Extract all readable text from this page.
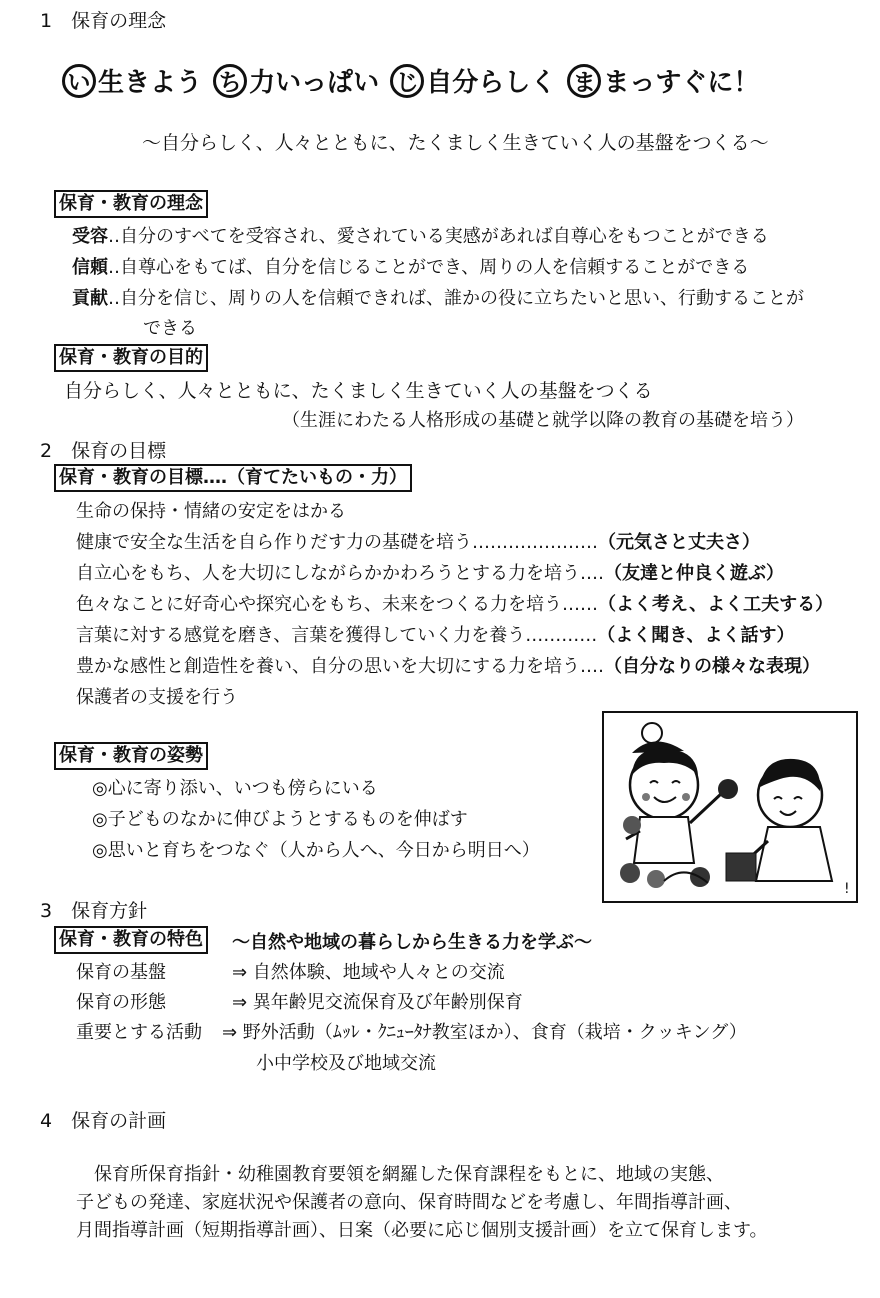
1　保育の理念
い 生きよう ち 力いっぱい じ 自分らしく ま まっすぐに！
～自分らしく、人々とともに、たくましく生きていく人の基盤をつくる～
保育・教育の理念
受容‥自分のすべてを受容され、愛されている実感があれば自尊心をもつことができる
信頼‥自尊心をもてば、自分を信じることができ、周りの人を信頼することができる
貢献‥自分を信じ、周りの人を信頼できれば、誰かの役に立ちたいと思い、行動することが
できる
保育・教育の目的
自分らしく、人々とともに、たくましく生きていく人の基盤をつくる
（生涯にわたる人格形成の基礎と就学以降の教育の基礎を培う）
2　保育の目標
保育・教育の目標‥‥（育てたいもの・力）
生命の保持・情緒の安定をはかる
健康で安全な生活を自ら作りだす力の基礎を培う…………………（元気さと丈夫さ）
自立心をもち、人を大切にしながらかかわろうとする力を培う‥‥（友達と仲良く遊ぶ）
色々なことに好奇心や探究心をもち、未来をつくる力を培う‥‥‥（よく考え、よく工夫する）
言葉に対する感覚を磨き、言葉を獲得していく力を養う…………（よく聞き、よく話す）
豊かな感性と創造性を養い、自分の思いを大切にする力を培う‥‥（自分なりの様々な表現）
保護者の支援を行う
保育・教育の姿勢
◎心に寄り添い、いつも傍らにいる
◎子どものなかに伸びようとするものを伸ばす
◎思いと育ちをつなぐ（人から人へ、今日から明日へ）
!
3　保育方針
保育・教育の特色 ～自然や地域の暮らしから生きる力を学ぶ～
保育の基盤	⇒ 自然体験、地域や人々との交流
保育の形態	⇒ 異年齢児交流保育及び年齢別保育
重要とする活動 ⇒ 野外活動（ﾑｯﾚ・ｸﾆｭｰﾀﾅ教室ほか）、食育（栽培・クッキング）
小中学校及び地域交流
4　保育の計画
　保育所保育指針・幼稚園教育要領を網羅した保育課程をもとに、地域の実態、
子どもの発達、家庭状況や保護者の意向、保育時間などを考慮し、年間指導計画、
月間指導計画（短期指導計画）、日案（必要に応じ個別支援計画）を立て保育します。
